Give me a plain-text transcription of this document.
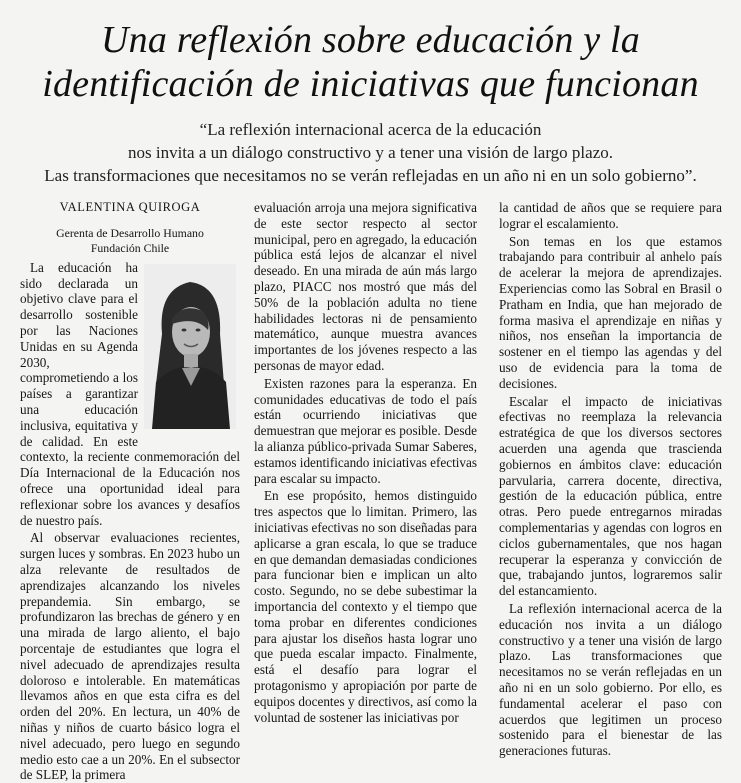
Una reflexión sobre educación y la
identificación de iniciativas que funcionan
“La reflexión internacional acerca de la educación
nos invita a un diálogo constructivo y a tener una visión de largo plazo.
Las transformaciones que necesitamos no se verán reflejadas en un año ni en un solo gobierno”.
VALENTINA QUIROGA
Gerenta de Desarrollo Humano
Fundación Chile

La educación ha sido declarada un objetivo clave para el desarrollo sostenible por las Naciones Unidas en su Agenda 2030, comprometiendo a los países a garantizar una educación inclusiva, equitativa y de calidad. En este contexto, la reciente conmemoración del Día Internacional de la Educación nos ofrece una oportunidad ideal para reflexionar sobre los avances y desafíos de nuestro país.

Al observar evaluaciones recientes, surgen luces y sombras. En 2023 hubo un alza relevante de resultados de aprendizajes alcanzando los niveles prepandemia. Sin embargo, se profundizaron las brechas de género y en una mirada de largo aliento, el bajo porcentaje de estudiantes que logra el nivel adecuado de aprendizajes resulta doloroso e intolerable. En matemáticas llevamos años en que esta cifra es del orden del 20%. En lectura, un 40% de niñas y niños de cuarto básico logra el nivel adecuado, pero luego en segundo medio esto cae a un 20%. En el subsector de SLEP, la primera

evaluación arroja una mejora significativa de este sector respecto al sector municipal, pero en agregado, la educación pública está lejos de alcanzar el nivel deseado. En una mirada de aún más largo plazo, PIACC nos mostró que más del 50% de la población adulta no tiene habilidades lectoras ni de pensamiento matemático, aunque muestra avances importantes de los jóvenes respecto a las personas de mayor edad.

Existen razones para la esperanza. En comunidades educativas de todo el país están ocurriendo iniciativas que demuestran que mejorar es posible. Desde la alianza público-privada Sumar Saberes, estamos identificando iniciativas efectivas para escalar su impacto.

En ese propósito, hemos distinguido tres aspectos que lo limitan. Primero, las iniciativas efectivas no son diseñadas para aplicarse a gran escala, lo que se traduce en que demandan demasiadas condiciones para funcionar bien e implican un alto costo. Segundo, no se debe subestimar la importancia del contexto y el tiempo que toma probar en diferentes condiciones para ajustar los diseños hasta lograr uno que pueda escalar impacto. Finalmente, está el desafío para lograr el protagonismo y apropiación por parte de equipos docentes y directivos, así como la voluntad de sostener las iniciativas por

la cantidad de años que se requiere para lograr el escalamiento.

Son temas en los que estamos trabajando para contribuir al anhelo país de acelerar la mejora de aprendizajes. Experiencias como las Sobral en Brasil o Pratham en India, que han mejorado de forma masiva el aprendizaje en niñas y niños, nos enseñan la importancia de sostener en el tiempo las agendas y del uso de evidencia para la toma de decisiones.

Escalar el impacto de iniciativas efectivas no reemplaza la relevancia estratégica de que los diversos sectores acuerden una agenda que trascienda gobiernos en ámbitos clave: educación parvularia, carrera docente, directiva, gestión de la educación pública, entre otras. Pero puede entregarnos miradas complementarias y agendas con logros en ciclos gubernamentales, que nos hagan recuperar la esperanza y convicción de que, trabajando juntos, lograremos salir del estancamiento.

La reflexión internacional acerca de la educación nos invita a un diálogo constructivo y a tener una visión de largo plazo. Las transformaciones que necesitamos no se verán reflejadas en un año ni en un solo gobierno. Por ello, es fundamental acelerar el paso con acuerdos que legitimen un proceso sostenido para el bienestar de las generaciones futuras.
